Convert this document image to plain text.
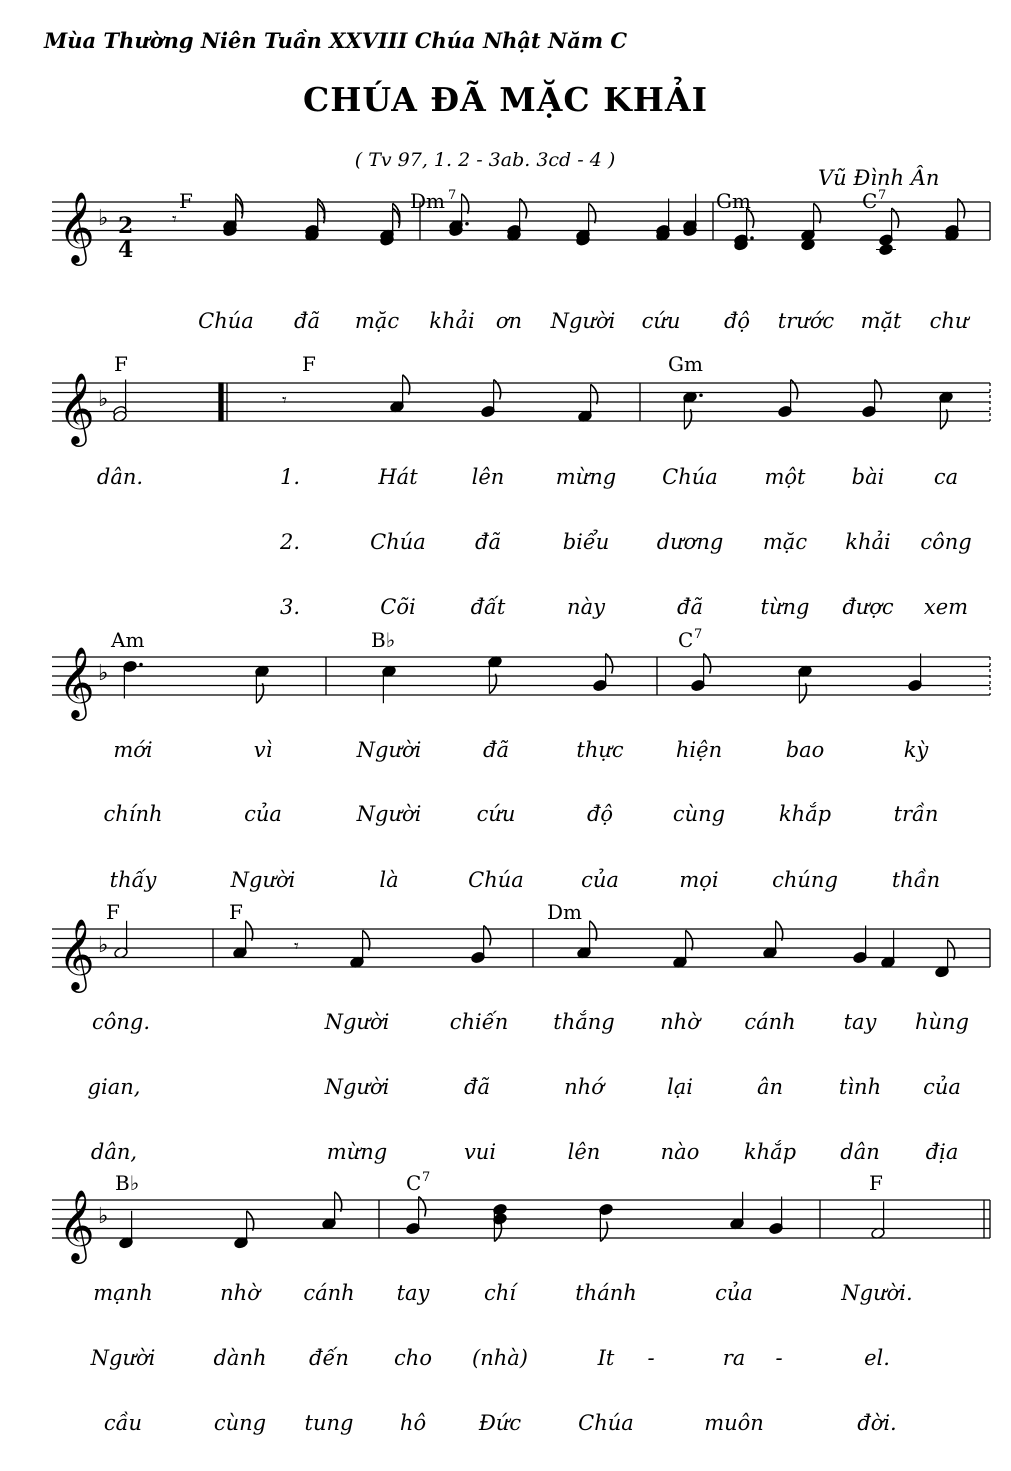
Mùa Thường Niên Tuần XXVIII Chúa Nhật Năm C
CHÚA ĐÃ MẶC KHẢI
( Tv 97, 1. 2 - 3ab. 3cd - 4 )
Vũ Đình Ân
𝄞 ♭
𝄞 ♭
𝄞 ♭
𝄞 ♭
𝄞 ♭
𝄾
𝄾
𝄾
2
4
F	Dm 7	Gm	C 7
F	F	Gm
Am	B♭	C 7
F	F	Dm
B♭	C 7	F
Chúa đã mặc khải ơn Người cứu độ trước mặt chư
dân.	1.	Hát	lên mừng Chúa một bài ca
2.	Chúa đã	biểu dương mặc khải công
3.	Cõi	đất	này	đã	từng được xem
mới	vì	Người	đã	thực hiện	bao	kỳ
chính	của	Người	cứu	độ	cùng	khắp	trần
thấy	Người	là	Chúa	của	mọi	chúng	thần
công.	Người	chiến thắng nhờ cánh tay hùng
gian,	Người	đã	nhớ	lại	ân	tình của
dân,	mừng	vui	lên	nào khắp dân địa
mạnh	nhờ cánh tay	chí	thánh	của	Người.
Người	dành đến cho (nhà)	It -	ra -	el.
cầu	cùng tung hô	Đức	Chúa	muôn	đời.
